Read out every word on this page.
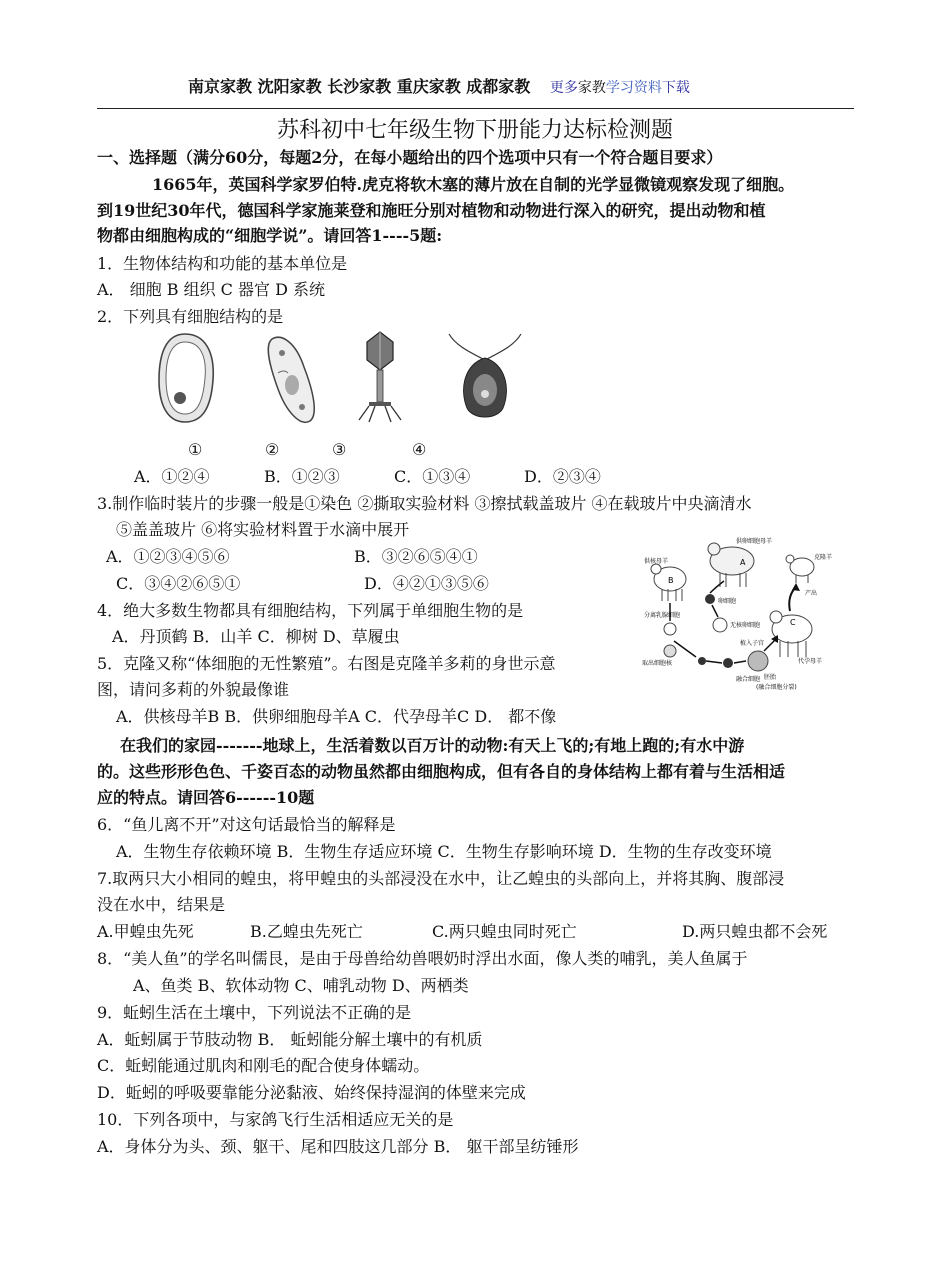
南京家教 沈阳家教 长沙家教 重庆家教 成都家教 更多家教学习资料下载
苏科初中七年级生物下册能力达标检测题
一、选择题（满分60分，每题2分，在每小题给出的四个选项中只有一个符合题目要求）
1665年，英国科学家罗伯特.虎克将软木塞的薄片放在自制的光学显微镜观察发现了细胞。
到19世纪30年代，德国科学家施莱登和施旺分别对植物和动物进行深入的研究，提出动物和植
物都由细胞构成的“细胞学说”。请回答1----5题:
1．生物体结构和功能的基本单位是
A． 细胞 B 组织 C 器官 D 系统
2．下列具有细胞结构的是
①	②	③	④
A．①②④	B．①②③	C．①③④	D．②③④
3.制作临时装片的步骤一般是①染色 ②撕取实验材料 ③擦拭载盖玻片 ④在载玻片中央滴清水
⑤盖盖玻片 ⑥将实验材料置于水滴中展开
A．①②③④⑤⑥	B．③②⑥⑤④①
C．③④②⑥⑤①	D．④②①③⑤⑥
4．绝大多数生物都具有细胞结构，下列属于单细胞生物的是
A．丹顶鹤 B．山羊 C．柳树 D、草履虫
5．克隆又称“体细胞的无性繁殖”。右图是克隆羊多莉的身世示意
图，请问多莉的外貌最像谁
A．供核母羊B B．供卵细胞母羊A C．代孕母羊C D． 都不像
供卵细胞母羊
A
供核母羊
B
C
代孕母羊
克隆羊
产出
卵细胞
无核卵细胞
分离乳腺细胞
取出细胞核
融合细胞 胚胎
(融合细胞分裂)
植入子宫
在我们的家园-------地球上，生活着数以百万计的动物:有天上飞的;有地上跑的;有水中游
的。这些形形色色、千姿百态的动物虽然都由细胞构成，但有各自的身体结构上都有着与生活相适
应的特点。请回答6------10题
6．“鱼儿离不开”对这句话最恰当的解释是
A．生物生存依赖环境 B．生物生存适应环境 C．生物生存影响环境 D．生物的生存改变环境
7.取两只大小相同的蝗虫，将甲蝗虫的头部浸没在水中，让乙蝗虫的头部向上，并将其胸、腹部浸
没在水中，结果是
A.甲蝗虫先死	B.乙蝗虫先死亡	C.两只蝗虫同时死亡	D.两只蝗虫都不会死
8．“美人鱼”的学名叫儒艮，是由于母兽给幼兽喂奶时浮出水面，像人类的哺乳，美人鱼属于
A、鱼类 B、软体动物 C、哺乳动物 D、两栖类
9．蚯蚓生活在土壤中，下列说法不正确的是
A．蚯蚓属于节肢动物 B． 蚯蚓能分解土壤中的有机质
C．蚯蚓能通过肌肉和刚毛的配合使身体蠕动。
D．蚯蚓的呼吸要靠能分泌黏液、始终保持湿润的体壁来完成
10．下列各项中，与家鸽飞行生活相适应无关的是
A．身体分为头、颈、躯干、尾和四肢这几部分 B． 躯干部呈纺锤形
